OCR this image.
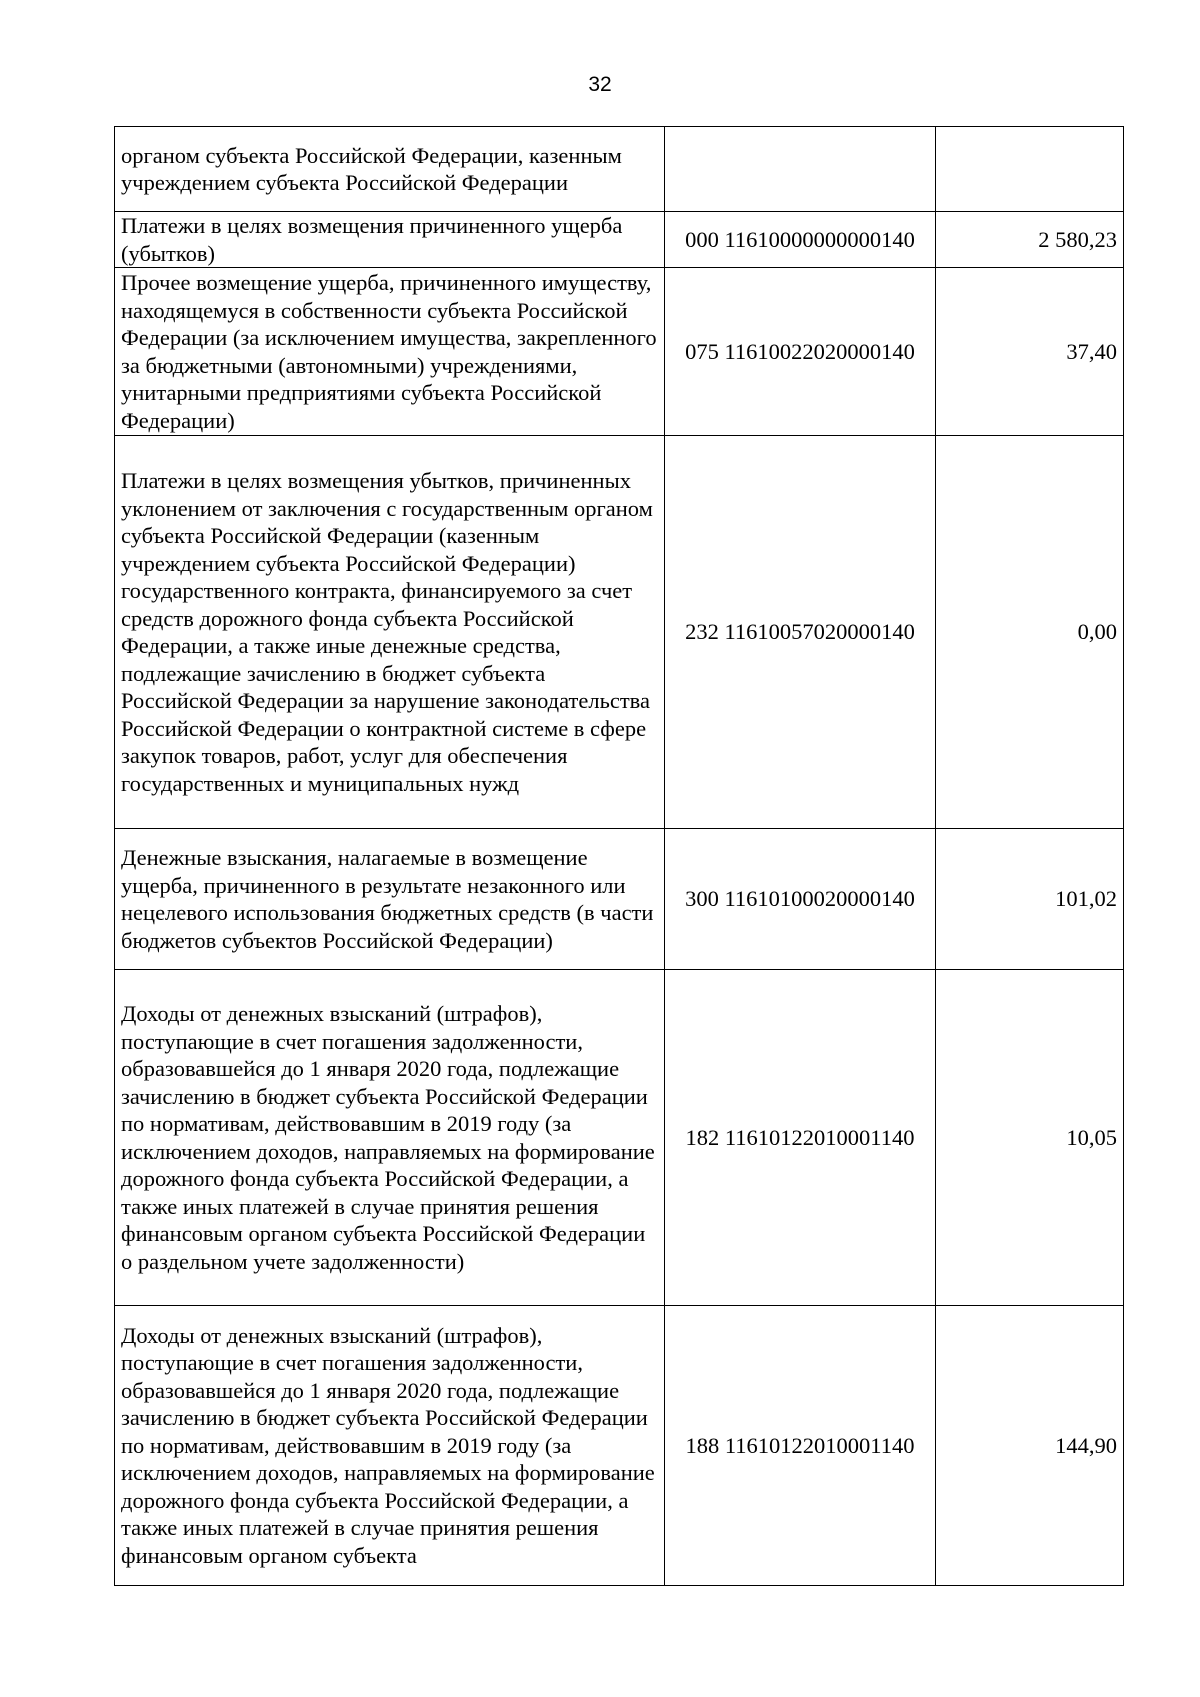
32
органом субъекта Российской Федерации, казенным учреждением субъекта Российской Федерации		
Платежи в целях возмещения причиненного ущерба (убытков)	000 11610000000000140	2 580,23
Прочее возмещение ущерба, причиненного имуществу, находящемуся в собственности субъекта Российской Федерации (за исключением имущества, закрепленного за бюджетными (автономными) учреждениями, унитарными предприятиями субъекта Российской Федерации)	075 11610022020000140	37,40
Платежи в целях возмещения убытков, причиненных уклонением от заключения с государственным органом субъекта Российской Федерации (казенным учреждением субъекта Российской Федерации) государственного контракта, финансируемого за счет средств дорожного фонда субъекта Российской Федерации, а также иные денежные средства, подлежащие зачислению в бюджет субъекта Российской Федерации за нарушение законодательства Российской Федерации о контрактной системе в сфере закупок товаров, работ, услуг для обеспечения государственных и муниципальных нужд	232 11610057020000140	0,00
Денежные взыскания, налагаемые в возмещение ущерба, причиненного в результате незаконного или нецелевого использования бюджетных средств (в части бюджетов субъектов Российской Федерации)	300 11610100020000140	101,02
Доходы от денежных взысканий (штрафов), поступающие в счет погашения задолженности, образовавшейся до 1 января 2020 года, подлежащие зачислению в бюджет субъекта Российской Федерации по нормативам, действовавшим в 2019 году (за исключением доходов, направляемых на формирование дорожного фонда субъекта Российской Федерации, а также иных платежей в случае принятия решения финансовым органом субъекта Российской Федерации о раздельном учете задолженности)	182 11610122010001140	10,05
Доходы от денежных взысканий (штрафов), поступающие в счет погашения задолженности, образовавшейся до 1 января 2020 года, подлежащие зачислению в бюджет субъекта Российской Федерации по нормативам, действовавшим в 2019 году (за исключением доходов, направляемых на формирование дорожного фонда субъекта Российской Федерации, а также иных платежей в случае принятия решения финансовым органом субъекта	188 11610122010001140	144,90
